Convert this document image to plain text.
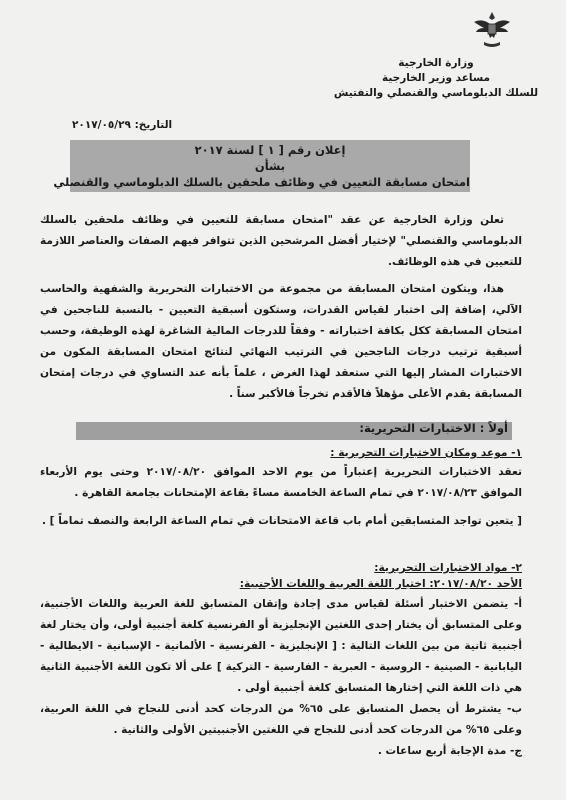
وزارة الخارجية
مساعد وزير الخارجية
للسلك الدبلوماسي والقنصلي والتفتيش
التاريخ: ٢٠١٧/٠٥/٢٩
إعلان رقم [ ١ ] لسنة ٢٠١٧
بشأن
امتحان مسابقة التعيين في وظائف ملحقين بالسلك الدبلوماسي والقنصلي

تعلن وزارة الخارجية عن عقد "امتحان مسابقة للتعيين في وظائف ملحقين بالسلك الدبلوماسي والقنصلي" لإختيار أفضل المرشحين الذين تتوافر فيهم الصفات والعناصر اللازمة للتعيين في هذه الوظائف.

هذا، ويتكون امتحان المسابقة من مجموعة من الاختبارات التحريرية والشفهية والحاسب الآلي، إضافة إلى اختبار لقياس القدرات، وستكون أسبقية التعيين - بالنسبة للناجحين في امتحان المسابقة ككل بكافة اختباراته - وفقاً للدرجات المالية الشاغرة لهذه الوظيفة، وحسب أسبقية ترتيب درجات الناجحين في الترتيب النهائي لنتائج امتحان المسابقة المكون من الاختبارات المشار إليها التي ستعقد لهذا الغرض ، علماً بأنه عند التساوي في درجات إمتحان المسابقة يقدم الأعلى مؤهلاً فالأقدم تخرجاً فالأكبر سناً .

أولاً : الاختبارات التحريرية:
١- موعد ومكان الاختبارات التحريرية :
تعقد الاختبارات التحريرية إعتباراً من يوم الاحد الموافق ٢٠١٧/٠٨/٢٠ وحتى يوم الأربعاء الموافق ٢٠١٧/٠٨/٢٣ في تمام الساعة الخامسة مساءً بقاعة الإمتحانات بجامعة القاهرة .
[ يتعين تواجد المتسابقين أمام باب قاعة الامتحانات في تمام الساعة الرابعة والنصف تماماً ] .
٢- مواد الاختبارات التحريرية:
الأحد ٢٠١٧/٠٨/٢٠: اختبار اللغة العربية واللغات الأجنبية:
أ- يتضمن الاختبار أسئلة لقياس مدى إجادة وإتقان المتسابق للغة العربية واللغات الأجنبية، وعلى المتسابق أن يختار إحدى اللغتين الإنجليزية أو الفرنسية كلغة أجنبية أولى، وأن يختار لغة أجنبية ثانية من بين اللغات التالية : [ الإنجليزية - الفرنسية - الألمانية - الإسبانية - الايطالية - اليابانية - الصينية - الروسية - العبرية - الفارسية - التركية ] على ألا تكون اللغة الأجنبية الثانية هي ذات اللغة التي إختارها المتسابق كلغة أجنبية أولى .
ب- يشترط أن يحصل المتسابق على ٦٥% من الدرجات كحد أدنى للنجاح في اللغة العربية، وعلى ٦٥% من الدرجات كحد أدنى للنجاح في اللغتين الأجنبيتين الأولى والثانية .
ج- مدة الإجابة أربع ساعات .
